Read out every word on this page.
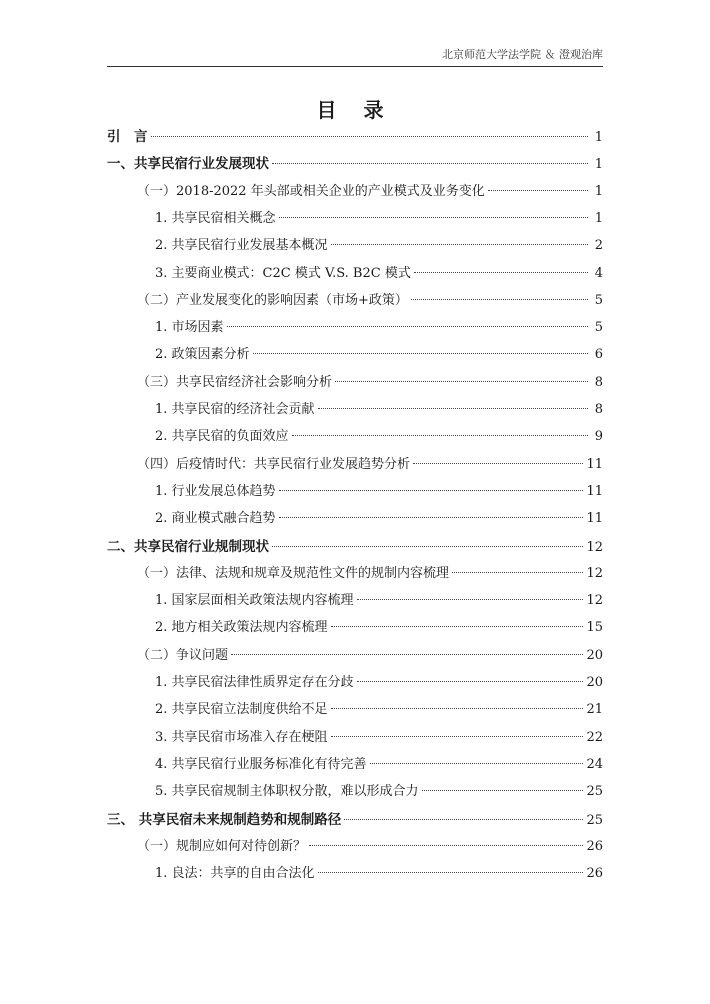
北京师范大学法学院 ＆ 澄观治库
目 录
引　言	1
一、共享民宿行业发展现状	1
（一）2018-2022 年头部或相关企业的产业模式及业务变化	1
1. 共享民宿相关概念	1
2. 共享民宿行业发展基本概况	2
3. 主要商业模式：C2C 模式 V.S. B2C 模式	4
（二）产业发展变化的影响因素（市场+政策）	5
1. 市场因素	5
2. 政策因素分析	6
（三）共享民宿经济社会影响分析	8
1. 共享民宿的经济社会贡献	8
2. 共享民宿的负面效应	9
（四）后疫情时代：共享民宿行业发展趋势分析	11
1. 行业发展总体趋势	11
2. 商业模式融合趋势	11
二、共享民宿行业规制现状	12
（一）法律、法规和规章及规范性文件的规制内容梳理	12
1. 国家层面相关政策法规内容梳理	12
2. 地方相关政策法规内容梳理	15
（二）争议问题	20
1. 共享民宿法律性质界定存在分歧	20
2. 共享民宿立法制度供给不足	21
3. 共享民宿市场准入存在梗阻	22
4. 共享民宿行业服务标准化有待完善	24
5. 共享民宿规制主体职权分散，难以形成合力	25
三、 共享民宿未来规制趋势和规制路径	25
（一）规制应如何对待创新？	26
1. 良法：共享的自由合法化	26
